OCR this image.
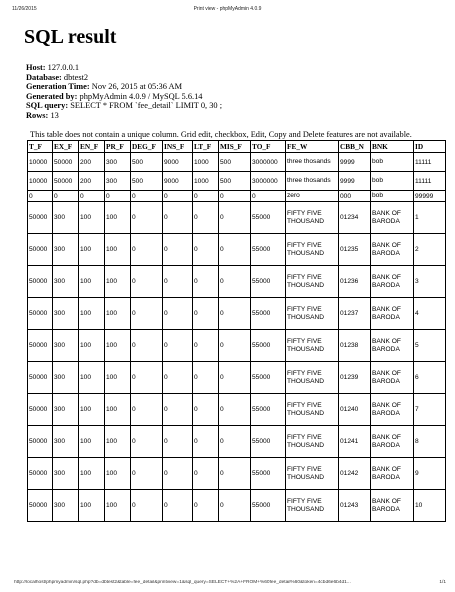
11/26/2015	Print view - phpMyAdmin 4.0.9
SQL result
Host: 127.0.0.1
Database: dbtest2
Generation Time: Nov 26, 2015 at 05:36 AM
Generated by: phpMyAdmin 4.0.9 / MySQL 5.6.14
SQL query: SELECT * FROM `fee_detail` LIMIT 0, 30 ;
Rows: 13
This table does not contain a unique column. Grid edit, checkbox, Edit, Copy and Delete features are not available.
T_F	EX_F	EN_F	PR_F	DEG_F	INS_F	LT_F	MIS_F	TO_F	FE_W	CBB_N	BNK	ID
10000	50000	200	300	500	9000	1000	500	3000000	three thosands	9999	bob	11111
10000	50000	200	300	500	9000	1000	500	3000000	three thosands	9999	bob	11111
0	0	0	0	0	0	0	0	0	zero	000	bob	99999
50000	300	100	100	0	0	0	0	55000	FIFTY FIVE THOUSAND	01234	BANK OF BARODA	1
50000	300	100	100	0	0	0	0	55000	FIFTY FIVE THOUSAND	01235	BANK OF BARODA	2
50000	300	100	100	0	0	0	0	55000	FIFTY FIVE THOUSAND	01236	BANK OF BARODA	3
50000	300	100	100	0	0	0	0	55000	FIFTY FIVE THOUSAND	01237	BANK OF BARODA	4
50000	300	100	100	0	0	0	0	55000	FIFTY FIVE THOUSAND	01238	BANK OF BARODA	5
50000	300	100	100	0	0	0	0	55000	FIFTY FIVE THOUSAND	01239	BANK OF BARODA	6
50000	300	100	100	0	0	0	0	55000	FIFTY FIVE THOUSAND	01240	BANK OF BARODA	7
50000	300	100	100	0	0	0	0	55000	FIFTY FIVE THOUSAND	01241	BANK OF BARODA	8
50000	300	100	100	0	0	0	0	55000	FIFTY FIVE THOUSAND	01242	BANK OF BARODA	9
50000	300	100	100	0	0	0	0	55000	FIFTY FIVE THOUSAND	01243	BANK OF BARODA	10
http://localhost/phpmyadmin/sql.php?db=dbtest2&table=fee_detail&printview=1&sql_query=SELECT+%2A+FROM+%60fee_detail%60&token=4cbd6e6b4d1...	1/1
